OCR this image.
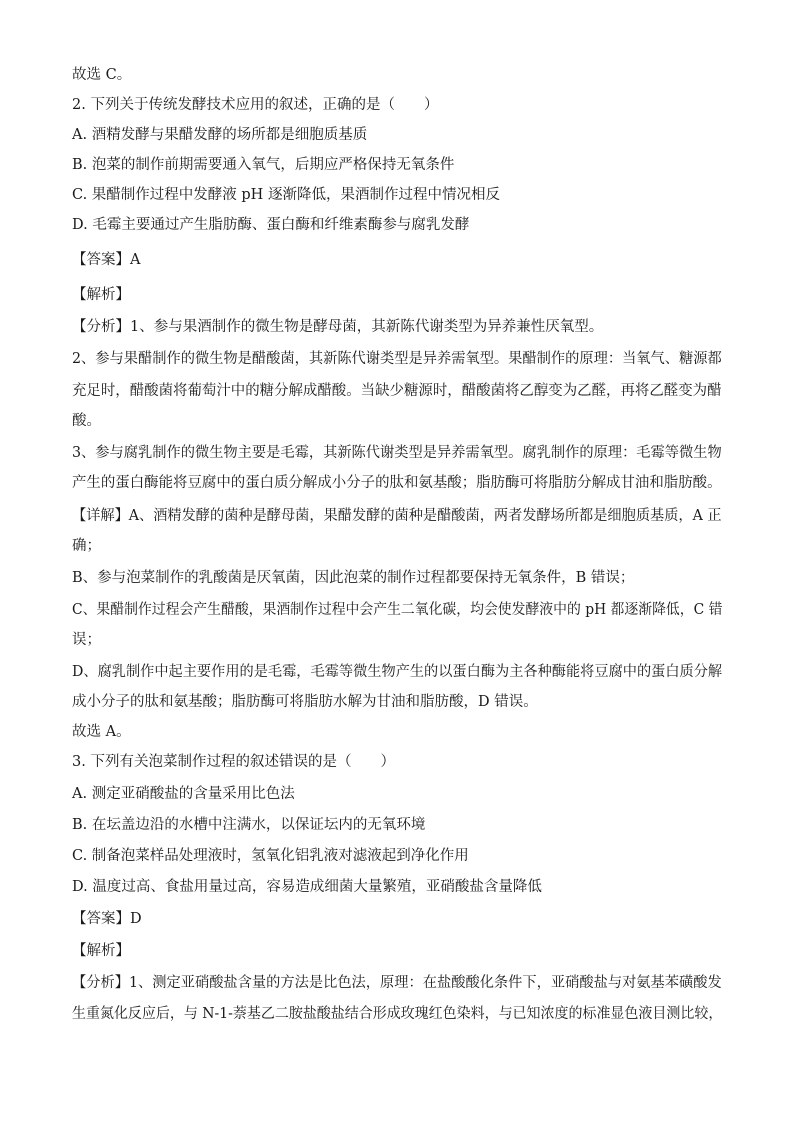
故选 C。
2. 下列关于传统发酵技术应用的叙述，正确的是（　　）
A. 酒精发酵与果醋发酵的场所都是细胞质基质
B. 泡菜的制作前期需要通入氧气，后期应严格保持无氧条件
C. 果醋制作过程中发酵液 pH 逐渐降低，果酒制作过程中情况相反
D. 毛霉主要通过产生脂肪酶、蛋白酶和纤维素酶参与腐乳发酵
【答案】A
【解析】
【分析】1、参与果酒制作的微生物是酵母菌，其新陈代谢类型为异养兼性厌氧型。
2、参与果醋制作的微生物是醋酸菌，其新陈代谢类型是异养需氧型。果醋制作的原理：当氧气、糖源都
充足时，醋酸菌将葡萄汁中的糖分解成醋酸。当缺少糖源时，醋酸菌将乙醇变为乙醛，再将乙醛变为醋
酸。
3、参与腐乳制作的微生物主要是毛霉，其新陈代谢类型是异养需氧型。腐乳制作的原理：毛霉等微生物
产生的蛋白酶能将豆腐中的蛋白质分解成小分子的肽和氨基酸；脂肪酶可将脂肪分解成甘油和脂肪酸。
【详解】A、酒精发酵的菌种是酵母菌，果醋发酵的菌种是醋酸菌，两者发酵场所都是细胞质基质，A 正
确；
B、参与泡菜制作的乳酸菌是厌氧菌，因此泡菜的制作过程都要保持无氧条件，B 错误；
C、果醋制作过程会产生醋酸，果酒制作过程中会产生二氧化碳，均会使发酵液中的 pH 都逐渐降低，C 错
误；
D、腐乳制作中起主要作用的是毛霉，毛霉等微生物产生的以蛋白酶为主各种酶能将豆腐中的蛋白质分解
成小分子的肽和氨基酸；脂肪酶可将脂肪水解为甘油和脂肪酸，D 错误。
故选 A。
3. 下列有关泡菜制作过程的叙述错误的是（　　）
A. 测定亚硝酸盐的含量采用比色法
B. 在坛盖边沿的水槽中注满水，以保证坛内的无氧环境
C. 制备泡菜样品处理液时，氢氧化铝乳液对滤液起到净化作用
D. 温度过高、食盐用量过高，容易造成细菌大量繁殖，亚硝酸盐含量降低
【答案】D
【解析】
【分析】1、测定亚硝酸盐含量的方法是比色法，原理：在盐酸酸化条件下，亚硝酸盐与对氨基苯磺酸发
生重氮化反应后，与 N-1-萘基乙二胺盐酸盐结合形成玫瑰红色染料，与已知浓度的标准显色液目测比较，
